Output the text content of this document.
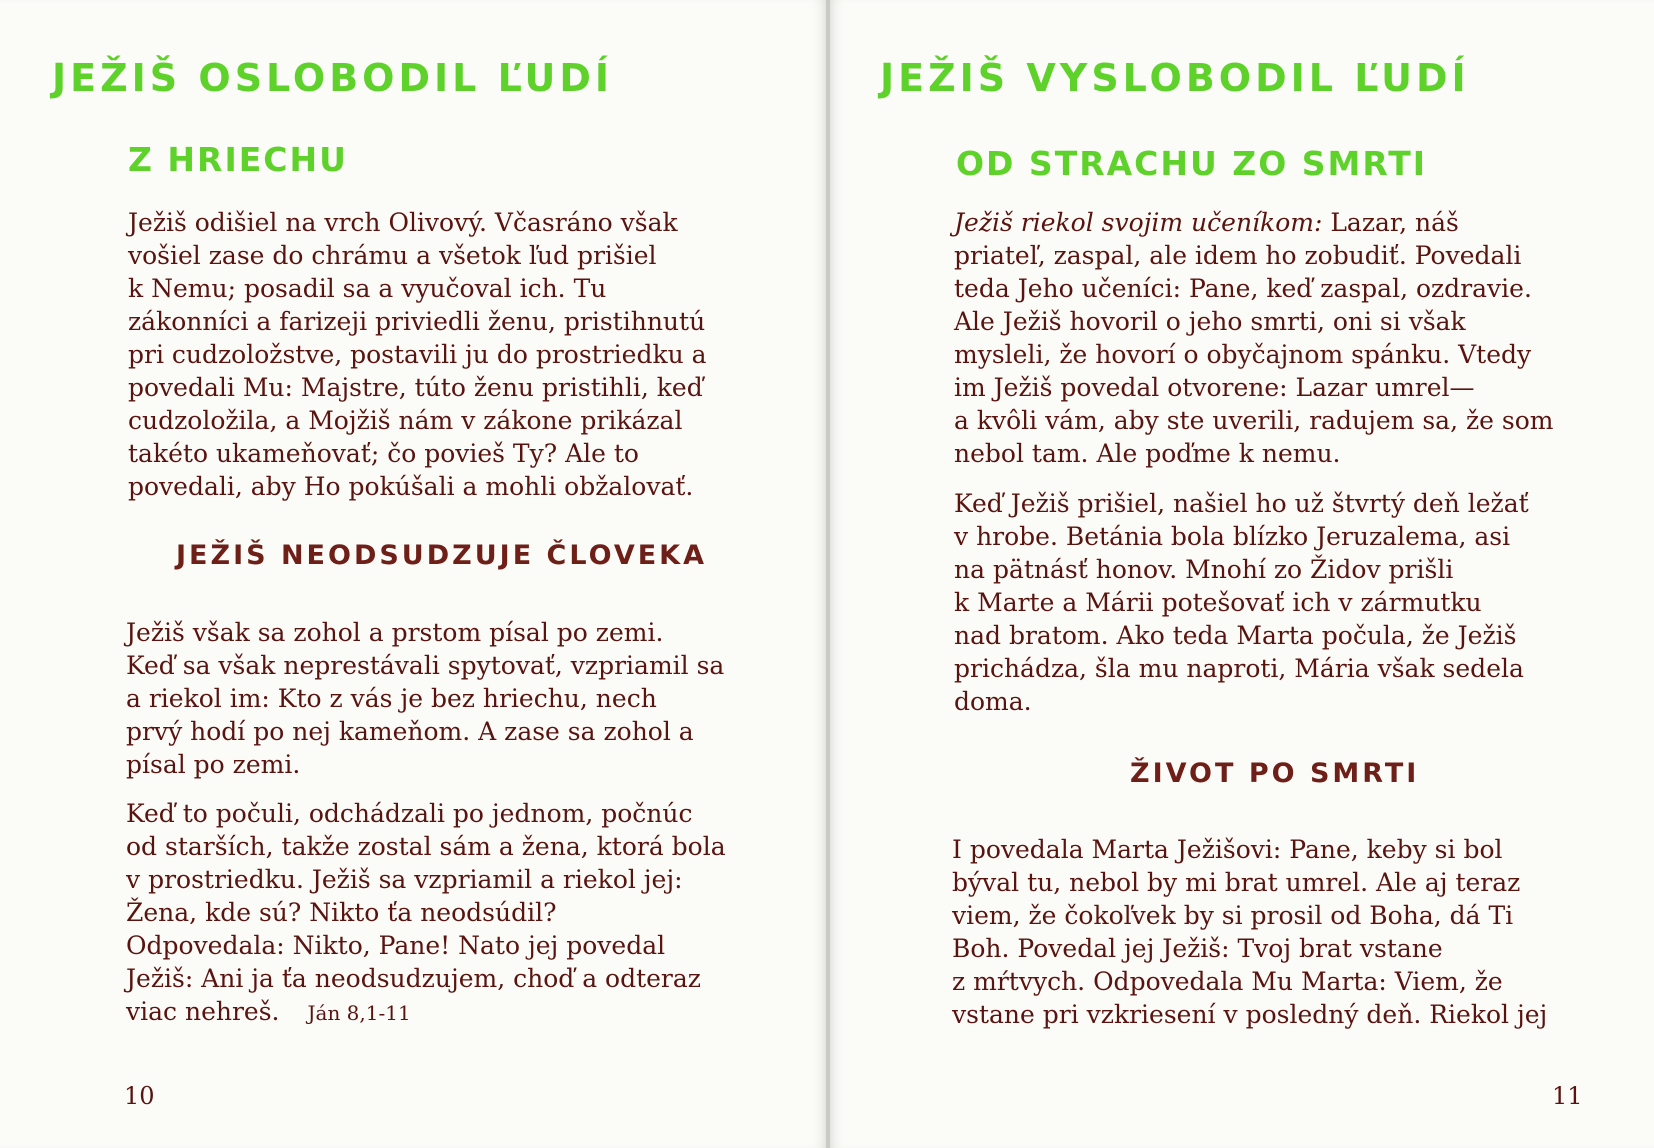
JEŽIŠ OSLOBODIL ĽUDÍ
Z HRIECHU

Ježiš odišiel na vrch Olivový. Včasráno však
vošiel zase do chrámu a všetok ľud prišiel
k Nemu; posadil sa a vyučoval ich. Tu
zákonníci a farizeji priviedli ženu, pristihnutú
pri cudzoložstve, postavili ju do prostriedku a
povedali Mu: Majstre, túto ženu pristihli, keď
cudzoložila, a Mojžiš nám v zákone prikázal
takéto ukameňovať; čo povieš Ty? Ale to
povedali, aby Ho pokúšali a mohli obžalovať.

JEŽIŠ NEODSUDZUJE ČLOVEKA

Ježiš však sa zohol a prstom písal po zemi.
Keď sa však neprestávali spytovať, vzpriamil sa
a riekol im: Kto z vás je bez hriechu, nech
prvý hodí po nej kameňom. A zase sa zohol a
písal po zemi.

Keď to počuli, odchádzali po jednom, počnúc
od starších, takže zostal sám a žena, ktorá bola
v prostriedku. Ježiš sa vzpriamil a riekol jej:
Žena, kde sú? Nikto ťa neodsúdil?
Odpovedala: Nikto, Pane! Nato jej povedal
Ježiš: Ani ja ťa neodsudzujem, choď a odteraz
viac nehreš. Ján 8,1-11

10

JEŽIŠ VYSLOBODIL ĽUDÍ
OD STRACHU ZO SMRTI

Ježiš riekol svojim učeníkom: Lazar, náš
priateľ, zaspal, ale idem ho zobudiť. Povedali
teda Jeho učeníci: Pane, keď zaspal, ozdravie.
Ale Ježiš hovoril o jeho smrti, oni si však
mysleli, že hovorí o obyčajnom spánku. Vtedy
im Ježiš povedal otvorene: Lazar umrel—
a kvôli vám, aby ste uverili, radujem sa, že som
nebol tam. Ale poďme k nemu.

Keď Ježiš prišiel, našiel ho už štvrtý deň ležať
v hrobe. Betánia bola blízko Jeruzalema, asi
na pätnásť honov. Mnohí zo Židov prišli
k Marte a Márii potešovať ich v zármutku
nad bratom. Ako teda Marta počula, že Ježiš
prichádza, šla mu naproti, Mária však sedela
doma.

ŽIVOT PO SMRTI

I povedala Marta Ježišovi: Pane, keby si bol
býval tu, nebol by mi brat umrel. Ale aj teraz
viem, že čokoľvek by si prosil od Boha, dá Ti
Boh. Povedal jej Ježiš: Tvoj brat vstane
z mŕtvych. Odpovedala Mu Marta: Viem, že
vstane pri vzkriesení v posledný deň. Riekol jej

11
